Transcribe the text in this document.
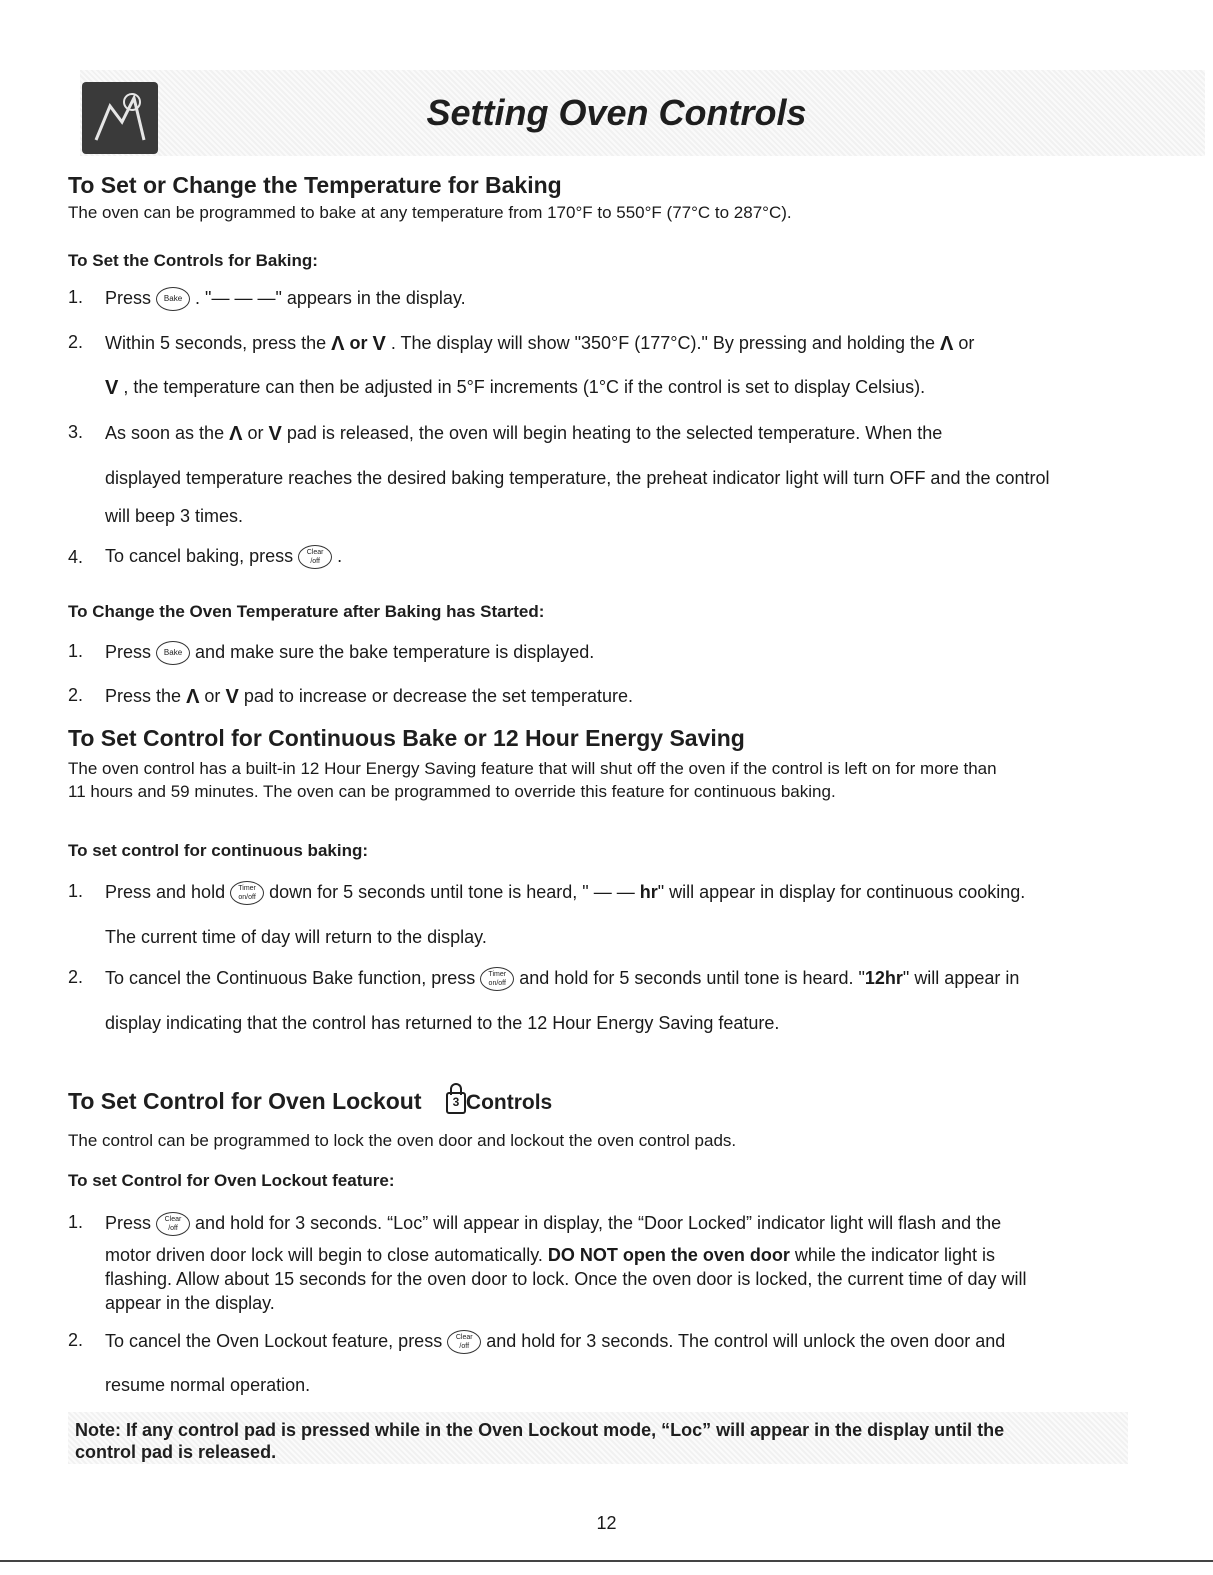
Setting Oven Controls
To Set or Change the Temperature for Baking

The oven can be programmed to bake at any temperature from 170°F to 550°F (77°C to 287°C).

To Set the Controls for Baking:
1. Press Bake . "— — —" appears in the display.
2. Within 5 seconds, press the Λ or V . The display will show "350°F (177°C)." By pressing and holding the Λ or
V , the temperature can then be adjusted in 5°F increments (1°C if the control is set to display Celsius).
3. As soon as the Λ or V pad is released, the oven will begin heating to the selected temperature. When the
displayed temperature reaches the desired baking temperature, the preheat indicator light will turn OFF and the control
will beep 3 times.
4. To cancel baking, press Clear
/off .
To Change the Oven Temperature after Baking has Started:
1. Press Bake and make sure the bake temperature is displayed.
2. Press the Λ or V pad to increase or decrease the set temperature.
To Set Control for Continuous Bake or 12 Hour Energy Saving

The oven control has a built-in 12 Hour Energy Saving feature that will shut off the oven if the control is left on for more than

11 hours and 59 minutes. The oven can be programmed to override this feature for continuous baking.

To set control for continuous baking:
1. Press and hold Timer
on/off down for 5 seconds until tone is heard, " — — hr" will appear in display for continuous cooking.
The current time of day will return to the display.
2. To cancel the Continuous Bake function, press Timer
on/off and hold for 5 seconds until tone is heard. "12hr" will appear in
display indicating that the control has returned to the 12 Hour Energy Saving feature.
To Set Control for Oven Lockout	3 Controls

The control can be programmed to lock the oven door and lockout the oven control pads.

To set Control for Oven Lockout feature:
1. Press Clear
/off and hold for 3 seconds. “Loc” will appear in display, the “Door Locked” indicator light will flash and the
motor driven door lock will begin to close automatically. DO NOT open the oven door while the indicator light is
flashing. Allow about 15 seconds for the oven door to lock. Once the oven door is locked, the current time of day will
appear in the display.
2. To cancel the Oven Lockout feature, press Clear
/off and hold for 3 seconds. The control will unlock the oven door and
resume normal operation.
Note: If any control pad is pressed while in the Oven Lockout mode, “Loc” will appear in the display until the
control pad is released.
12
